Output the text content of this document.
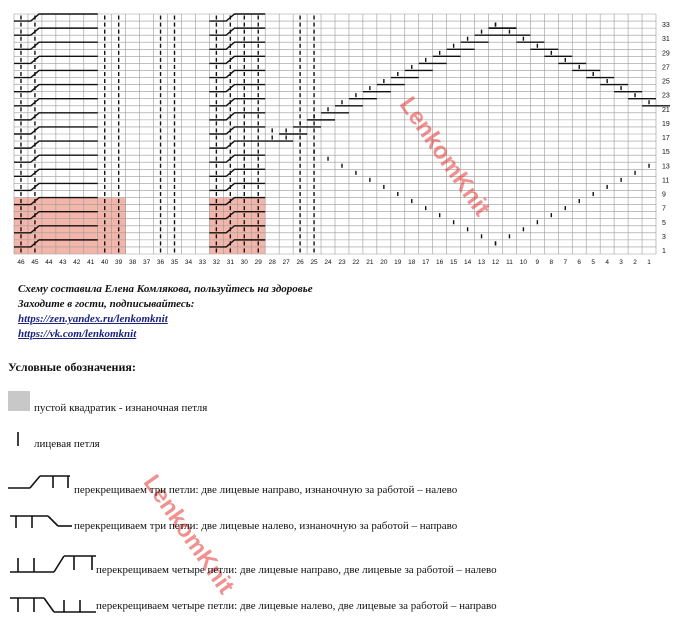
1
3
5
7
9
11
13
15
17
19
21
23
25
27
29
31
33
46 45 44 43 42 41 40 39 38 37 36 35 34 33 32 31 30 29 28 27 26 25 24 23 22 21 20 19 18 17 16 15 14 13 12 11 10 9 8 7 6 5 4 3 2 1
Схему составила Елена Комлякова, пользуйтесь на здоровье
Заходите в гости, подписывайтесь:
https://zen.yandex.ru/lenkomknit
https://vk.com/lenkomknit
LenkomKnit
LenkomKnit
Условные обозначения:
пустой квадратик - изнаночная петля
лицевая петля
перекрещиваем три петли: две лицевые направо, изнаночную за работой – налево
перекрещиваем три петли: две лицевые налево, изнаночную за работой – направо
перекрещиваем четыре петли: две лицевые направо, две лицевые за работой – налево
перекрещиваем четыре петли: две лицевые налево, две лицевые за работой – направо
